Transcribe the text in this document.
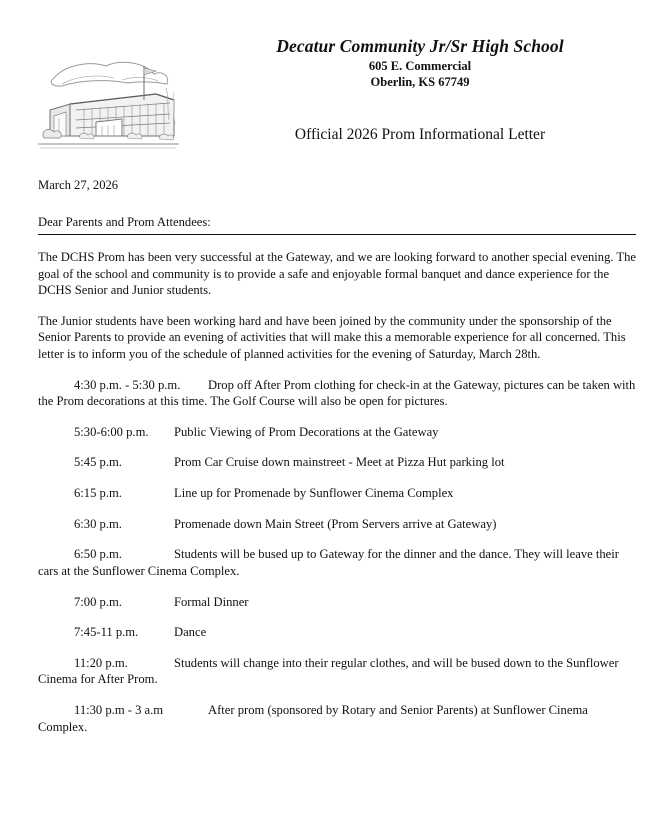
Decatur Community Jr/Sr High School
605 E. Commercial
Oberlin, KS 67749
Official 2026 Prom Informational Letter

March 27, 2026

Dear Parents and Prom Attendees:

The DCHS Prom has been very successful at the Gateway, and we are looking forward to another special evening. The goal of the school and community is to provide a safe and enjoyable formal banquet and dance experience for the DCHS Senior and Junior students.

The Junior students have been working hard and have been joined by the community under the sponsorship of the Senior Parents to provide an evening of activities that will make this a memorable experience for all concerned. This letter is to inform you of the schedule of planned activities for the evening of Saturday, March 28th.

4:30 p.m. - 5:30 p.m. Drop off After Prom clothing for check-in at the Gateway, pictures can be taken with the Prom decorations at this time. The Golf Course will also be open for pictures.

5:30-6:00 p.m. Public Viewing of Prom Decorations at the Gateway

5:45 p.m.	Prom Car Cruise down mainstreet - Meet at Pizza Hut parking lot

6:15 p.m.	Line up for Promenade by Sunflower Cinema Complex

6:30 p.m.	Promenade down Main Street (Prom Servers arrive at Gateway)

6:50 p.m.	Students will be bused up to Gateway for the dinner and the dance. They will leave their cars at the Sunflower Cinema Complex.

7:00 p.m.	Formal Dinner

7:45-11 p.m.	Dance

11:20 p.m.	Students will change into their regular clothes, and will be bused down to the Sunflower Cinema for After Prom.

11:30 p.m - 3 a.m	After prom (sponsored by Rotary and Senior Parents) at Sunflower Cinema Complex.
